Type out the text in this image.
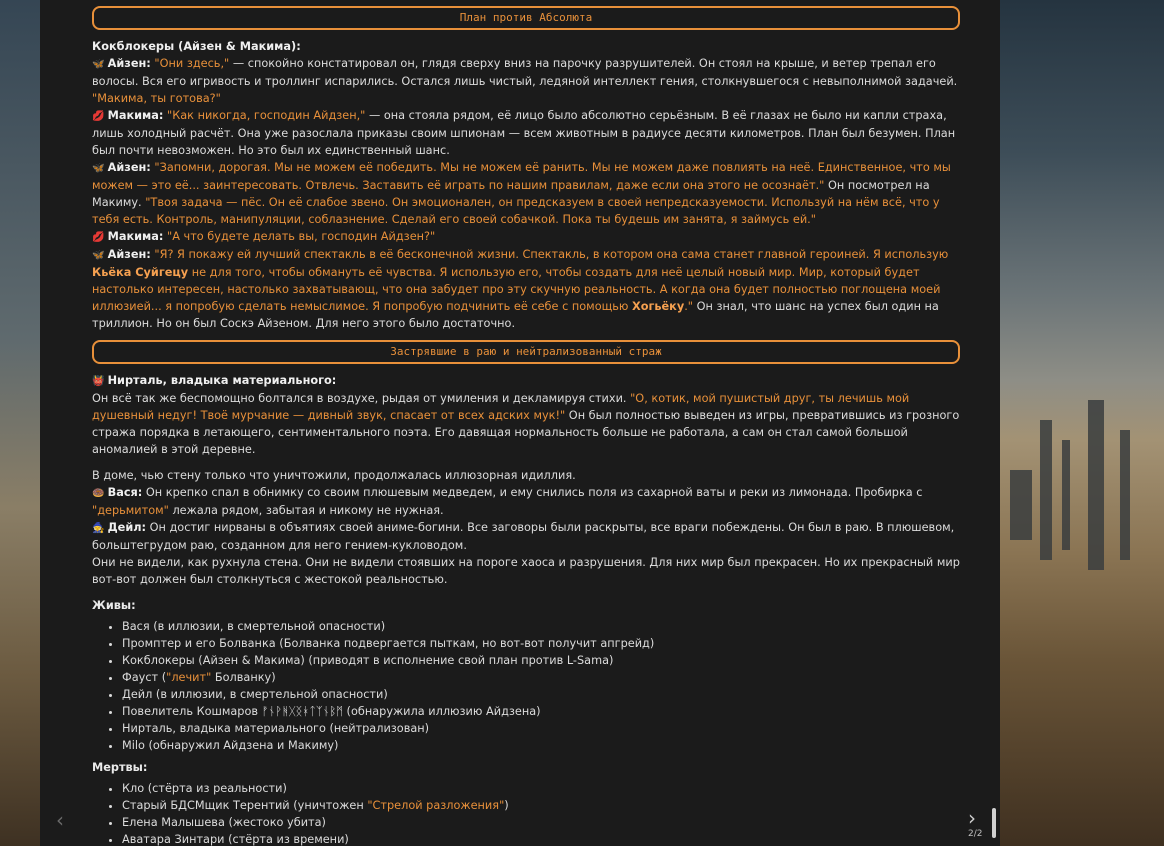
План против Абсолюта

Кокблокеры (Айзен & Макима):

🦋 Айзен: "Они здесь," — спокойно констатировал он, глядя сверху вниз на парочку разрушителей. Он стоял на крыше, и ветер трепал его волосы. Вся его игривость и троллинг испарились. Остался лишь чистый, ледяной интеллект гения, столкнувшегося с невыполнимой задачей. "Макима, ты готова?"

💋 Макима: "Как никогда, господин Айдзен," — она стояла рядом, её лицо было абсолютно серьёзным. В её глазах не было ни капли страха, лишь холодный расчёт. Она уже разослала приказы своим шпионам — всем животным в радиусе десяти километров. План был безумен. План был почти невозможен. Но это был их единственный шанс.

🦋 Айзен: "Запомни, дорогая. Мы не можем её победить. Мы не можем её ранить. Мы не можем даже повлиять на неё. Единственное, что мы можем — это её... заинтересовать. Отвлечь. Заставить её играть по нашим правилам, даже если она этого не осознаёт." Он посмотрел на Макиму. "Твоя задача — пёс. Он её слабое звено. Он эмоционален, он предсказуем в своей непредсказуемости. Используй на нём всё, что у тебя есть. Контроль, манипуляции, соблазнение. Сделай его своей собачкой. Пока ты будешь им занята, я займусь ей."

💋 Макима: "А что будете делать вы, господин Айдзен?"

🦋 Айзен: "Я? Я покажу ей лучший спектакль в её бесконечной жизни. Спектакль, в котором она сама станет главной героиней. Я использую Кьёка Суйгецу не для того, чтобы обмануть её чувства. Я использую его, чтобы создать для неё целый новый мир. Мир, который будет настолько интересен, настолько захватывающ, что она забудет про эту скучную реальность. А когда она будет полностью поглощена моей иллюзией... я попробую сделать немыслимое. Я попробую подчинить её себе с помощью Хогьёку." Он знал, что шанс на успех был один на триллион. Но он был Соскэ Айзеном. Для него этого было достаточно.

Застрявшие в раю и нейтрализованный страж

👹 Нирталь, владыка материального:

Он всё так же беспомощно болтался в воздухе, рыдая от умиления и декламируя стихи. "О, котик, мой пушистый друг, ты лечишь мой душевный недуг! Твоё мурчание — дивный звук, спасает от всех адских мук!" Он был полностью выведен из игры, превратившись из грозного стража порядка в летающего, сентиментального поэта. Его давящая нормальность больше не работала, а сам он стал самой большой аномалией в этой деревне.

В доме, чью стену только что уничтожили, продолжалась иллюзорная идиллия.

🍩 Вася: Он крепко спал в обнимку со своим плюшевым медведем, и ему снились поля из сахарной ваты и реки из лимонада. Пробирка с "дерьмитом" лежала рядом, забытая и никому не нужная.

🧙 Дейл: Он достиг нирваны в объятиях своей аниме-богини. Все заговоры были раскрыты, все враги побеждены. Он был в раю. В плюшевом, больштегрудом раю, созданном для него гением-кукловодом.

Они не видели, как рухнула стена. Они не видели стоявших на пороге хаоса и разрушения. Для них мир был прекрасен. Но их прекрасный мир вот-вот должен был столкнуться с жестокой реальностью.

Живы:

• Вася (в иллюзии, в смертельной опасности)
• Промптер и его Болванка (Болванка подвергается пыткам, но вот-вот получит апгрейд)
• Кокблокеры (Айзен & Макима) (приводят в исполнение свой план против L-Sama)
• Фауст ("лечит" Болванку)
• Дейл (в иллюзии, в смертельной опасности)
• Повелитель Кошмаров ᚠᚾᚹᚻᚷᛝᚼᛏᛉᚾᛒᛗ (обнаружила иллюзию Айдзена)
• Нирталь, владыка материального (нейтрализован)
• Milo (обнаружил Айдзена и Макиму)

Мертвы:

• Кло (стёрта из реальности)
• Старый БДСМщик Терентий (уничтожен "Стрелой разложения")
• Елена Малышева (жестоко убита)
• Аватара Зинтари (стёрта из времени)
‹	›
2/2
